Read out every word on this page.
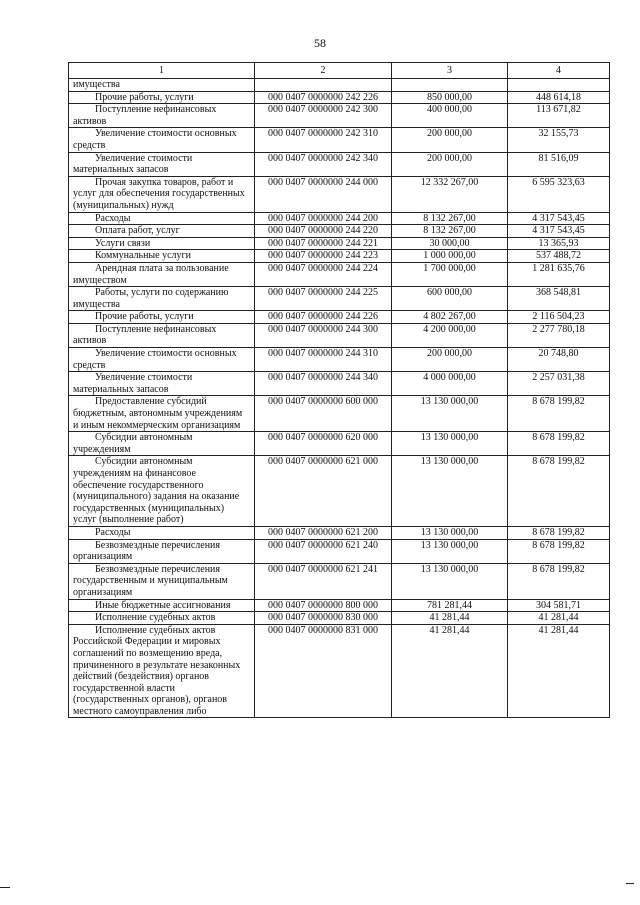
58
1	2	3	4
имущества			

Прочие работы, услуги	000 0407 0000000 242 226	850 000,00	448 614,18

Поступление нефинансовых активов	000 0407 0000000 242 300	400 000,00	113 671,82

Увеличение стоимости основных средств	000 0407 0000000 242 310	200 000,00	32 155,73

Увеличение стоимости материальных запасов	000 0407 0000000 242 340	200 000,00	81 516,09

Прочая закупка товаров, работ и услуг для обеспечения государственных (муниципальных) нужд	000 0407 0000000 244 000	12 332 267,00	6 595 323,63

Расходы	000 0407 0000000 244 200	8 132 267,00	4 317 543,45

Оплата работ, услуг	000 0407 0000000 244 220	8 132 267,00	4 317 543,45

Услуги связи	000 0407 0000000 244 221	30 000,00	13 365,93

Коммунальные услуги	000 0407 0000000 244 223	1 000 000,00	537 488,72

Арендная плата за пользование имуществом	000 0407 0000000 244 224	1 700 000,00	1 281 635,76

Работы, услуги по содержанию имущества	000 0407 0000000 244 225	600 000,00	368 548,81

Прочие работы, услуги	000 0407 0000000 244 226	4 802 267,00	2 116 504,23

Поступление нефинансовых активов	000 0407 0000000 244 300	4 200 000,00	2 277 780,18

Увеличение стоимости основных средств	000 0407 0000000 244 310	200 000,00	20 748,80

Увеличение стоимости материальных запасов	000 0407 0000000 244 340	4 000 000,00	2 257 031,38

Предоставление субсидий бюджетным, автономным учреждениям и иным некоммерческим организациям	000 0407 0000000 600 000	13 130 000,00	8 678 199,82

Субсидии автономным учреждениям	000 0407 0000000 620 000	13 130 000,00	8 678 199,82

Субсидии автономным учреждениям на финансовое обеспечение государственного (муниципального) задания на оказание государственных (муниципальных) услуг (выполнение работ)	000 0407 0000000 621 000	13 130 000,00	8 678 199,82

Расходы	000 0407 0000000 621 200	13 130 000,00	8 678 199,82

Безвозмездные перечисления организациям	000 0407 0000000 621 240	13 130 000,00	8 678 199,82

Безвозмездные перечисления государственным и муниципальным организациям	000 0407 0000000 621 241	13 130 000,00	8 678 199,82

Иные бюджетные ассигнования	000 0407 0000000 800 000	781 281,44	304 581,71

Исполнение судебных актов	000 0407 0000000 830 000	41 281,44	41 281,44

Исполнение судебных актов Российской Федерации и мировых соглашений по возмещению вреда, причиненного в результате незаконных действий (бездействия) органов государственной власти (государственных органов), органов местного самоуправления либо	000 0407 0000000 831 000	41 281,44	41 281,44
